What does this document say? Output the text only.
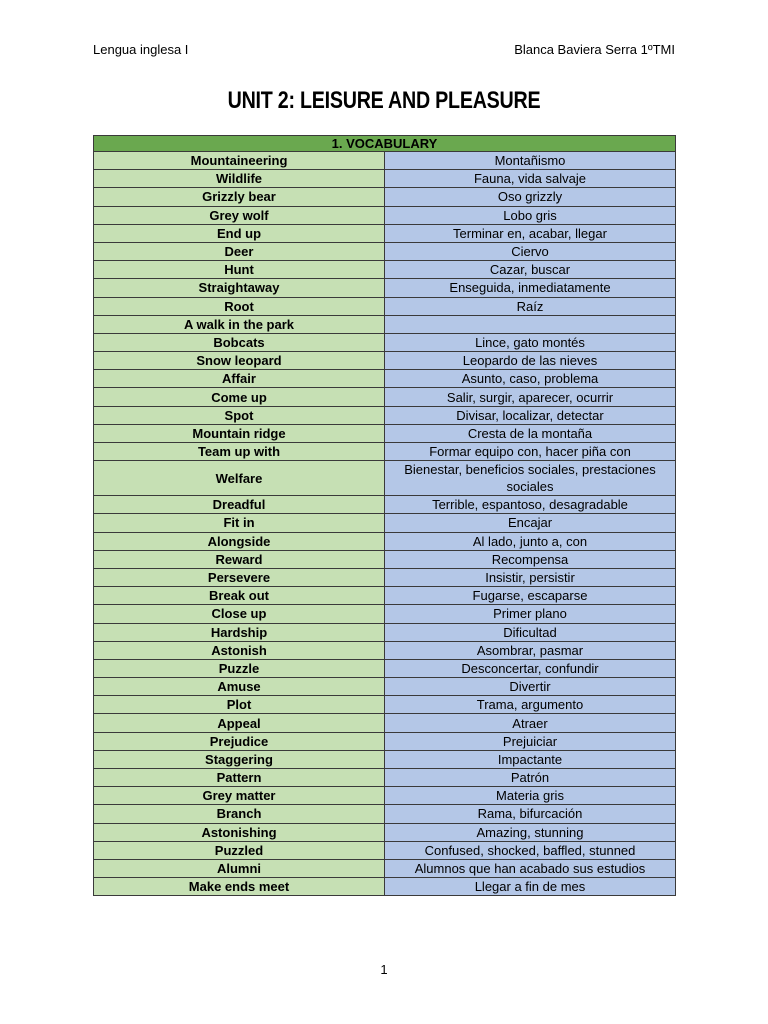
Lengua inglesa I	Blanca Baviera Serra 1ºTMI
UNIT 2: LEISURE AND PLEASURE
1. VOCABULARY	
Mountaineering	Montañismo
Wildlife	Fauna, vida salvaje
Grizzly bear	Oso grizzly
Grey wolf	Lobo gris
End up	Terminar en, acabar, llegar
Deer	Ciervo
Hunt	Cazar, buscar
Straightaway	Enseguida, inmediatamente
Root	Raíz
A walk in the park	
Bobcats	Lince, gato montés
Snow leopard	Leopardo de las nieves
Affair	Asunto, caso, problema
Come up	Salir, surgir, aparecer, ocurrir
Spot	Divisar, localizar, detectar
Mountain ridge	Cresta de la montaña
Team up with	Formar equipo con, hacer piña con
Welfare	Bienestar, beneficios sociales, prestaciones sociales
Dreadful	Terrible, espantoso, desagradable
Fit in	Encajar
Alongside	Al lado, junto a, con
Reward	Recompensa
Persevere	Insistir, persistir
Break out	Fugarse, escaparse
Close up	Primer plano
Hardship	Dificultad
Astonish	Asombrar, pasmar
Puzzle	Desconcertar, confundir
Amuse	Divertir
Plot	Trama, argumento
Appeal	Atraer
Prejudice	Prejuiciar
Staggering	Impactante
Pattern	Patrón
Grey matter	Materia gris
Branch	Rama, bifurcación
Astonishing	Amazing, stunning
Puzzled	Confused, shocked, baffled, stunned
Alumni	Alumnos que han acabado sus estudios
Make ends meet	Llegar a fin de mes
1
